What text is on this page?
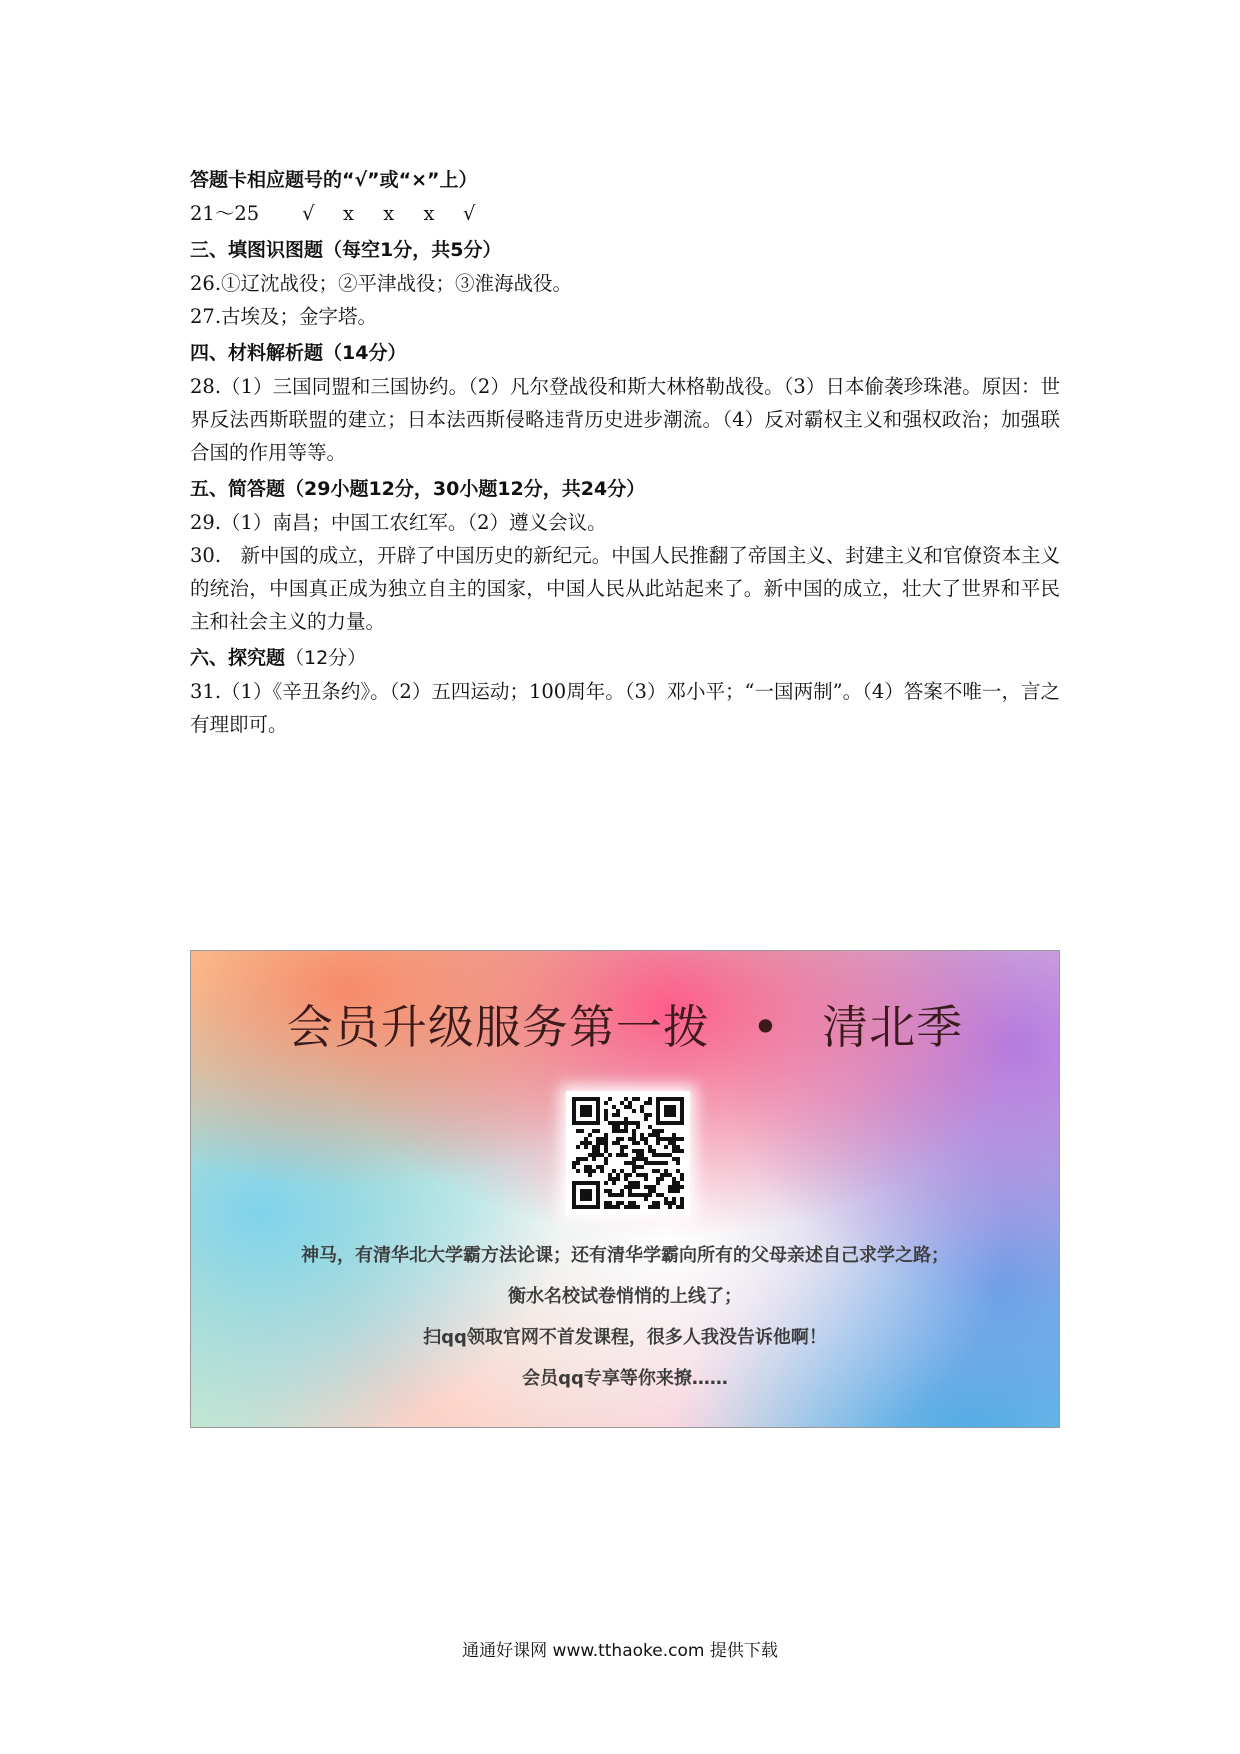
答题卡相应题号的“√”或“×”上）
21～25 √ x x x √
三、填图识图题（每空1分，共5分）
26.①辽沈战役；②平津战役；③淮海战役。
27.古埃及；金字塔。
四、材料解析题（14分）
28.（1）三国同盟和三国协约。（2）凡尔登战役和斯大林格勒战役。（3）日本偷袭珍珠港。原因：世界反法西斯联盟的建立；日本法西斯侵略违背历史进步潮流。（4）反对霸权主义和强权政治；加强联合国的作用等等。
五、简答题（29小题12分，30小题12分，共24分）
29.（1）南昌；中国工农红军。（2）遵义会议。
30.　新中国的成立，开辟了中国历史的新纪元。中国人民推翻了帝国主义、封建主义和官僚资本主义的统治，中国真正成为独立自主的国家，中国人民从此站起来了。新中国的成立，壮大了世界和平民主和社会主义的力量。
六、探究题（12分）
31.（1）《辛丑条约》。（2）五四运动；100周年。（3）邓小平；“一国两制”。（4）答案不唯一，言之有理即可。
会员升级服务第一拨 • 清北季
神马，有清华北大学霸方法论课；还有清华学霸向所有的父母亲述自己求学之路；
衡水名校试卷悄悄的上线了；
扫qq领取官网不首发课程，很多人我没告诉他啊！
会员qq专享等你来撩……
通通好课网 www.tthaoke.com 提供下载
